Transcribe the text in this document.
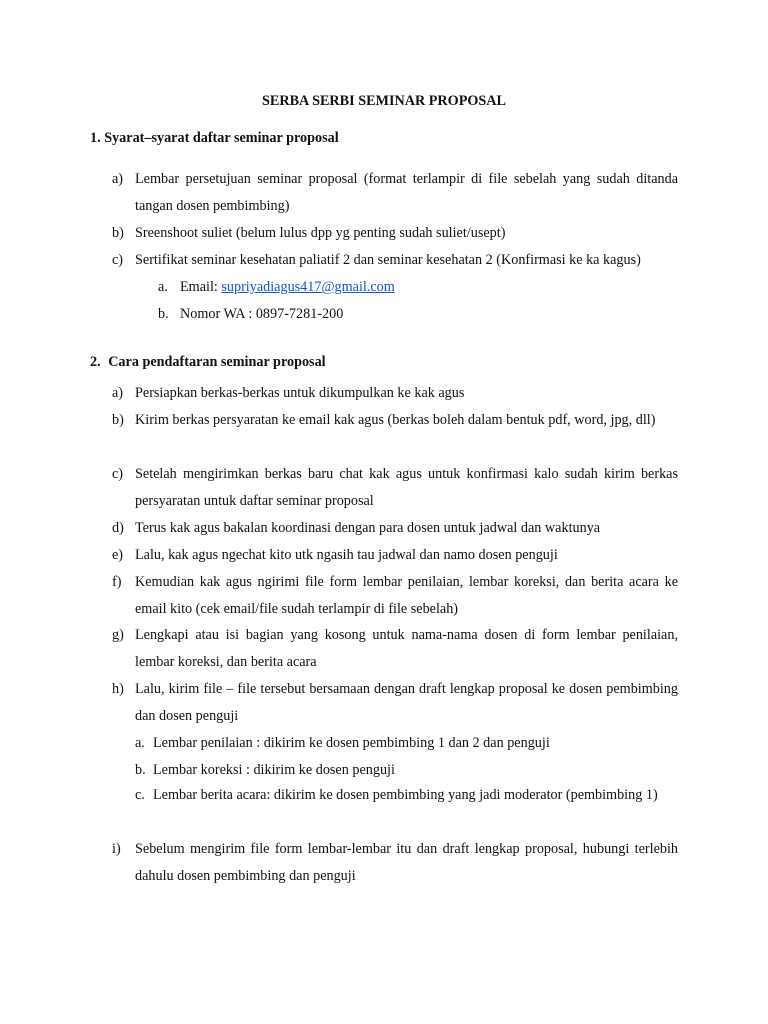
SERBA SERBI SEMINAR PROPOSAL
1. Syarat–syarat daftar seminar proposal
a) Lembar persetujuan seminar proposal (format terlampir di file sebelah yang sudah ditanda tangan dosen pembimbing)
b) Sreenshoot suliet (belum lulus dpp yg penting sudah suliet/usept)
c) Sertifikat seminar kesehatan paliatif 2 dan seminar kesehatan 2 (Konfirmasi ke ka kagus)
a. Email: supriyadiagus417@gmail.com
b. Nomor WA : 0897-7281-200
2. Cara pendaftaran seminar proposal
a) Persiapkan berkas-berkas untuk dikumpulkan ke kak agus
b) Kirim berkas persyaratan ke email kak agus (berkas boleh dalam bentuk pdf, word, jpg, dll)
c) Setelah mengirimkan berkas baru chat kak agus untuk konfirmasi kalo sudah kirim berkas persyaratan untuk daftar seminar proposal
d) Terus kak agus bakalan koordinasi dengan para dosen untuk jadwal dan waktunya
e) Lalu, kak agus ngechat kito utk ngasih tau jadwal dan namo dosen penguji
f) Kemudian kak agus ngirimi file form lembar penilaian, lembar koreksi, dan berita acara ke email kito (cek email/file sudah terlampir di file sebelah)
g) Lengkapi atau isi bagian yang kosong untuk nama-nama dosen di form lembar penilaian, lembar koreksi, dan berita acara
h) Lalu, kirim file – file tersebut bersamaan dengan draft lengkap proposal ke dosen pembimbing dan dosen penguji
a. Lembar penilaian : dikirim ke dosen pembimbing 1 dan 2 dan penguji
b. Lembar koreksi : dikirim ke dosen penguji
c. Lembar berita acara: dikirim ke dosen pembimbing yang jadi moderator (pembimbing 1)
i) Sebelum mengirim file form lembar-lembar itu dan draft lengkap proposal, hubungi terlebih dahulu dosen pembimbing dan penguji
